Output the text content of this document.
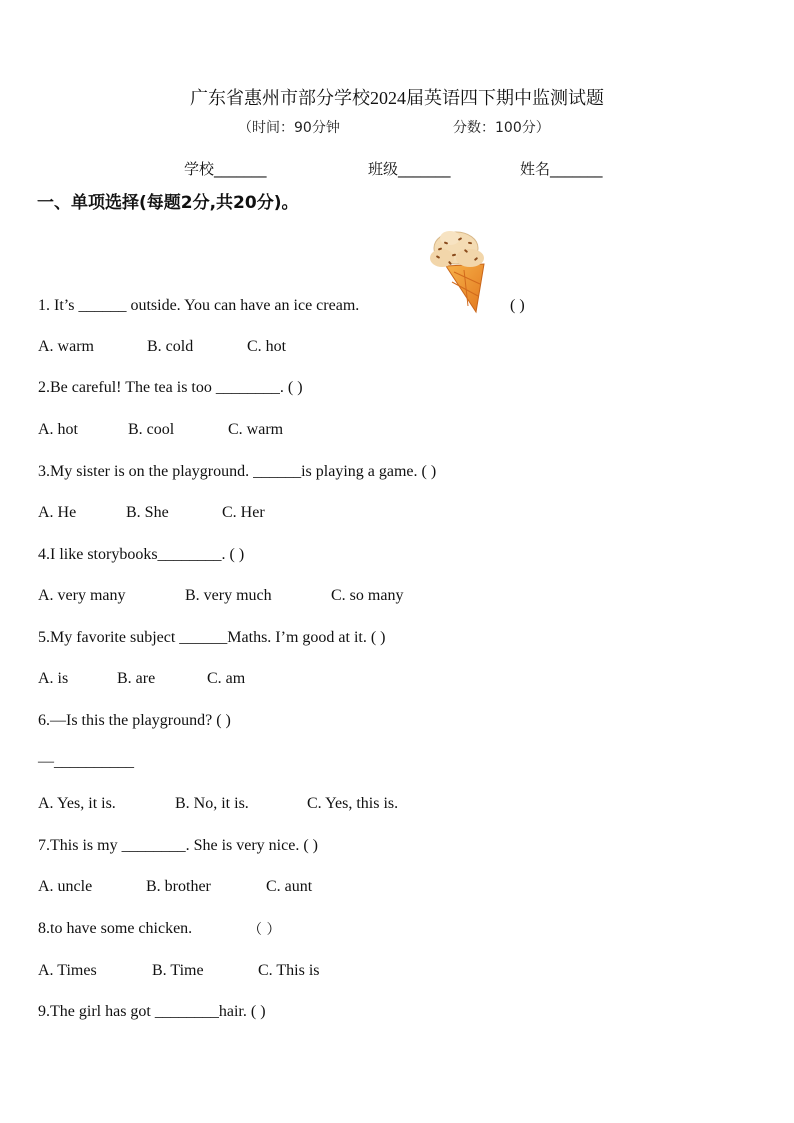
广东省惠州市部分学校2024届英语四下期中监测试题
（时间：90分钟	分数：100分）
学校_______	班级_______	姓名_______
一、单项选择(每题2分,共20分)。
1. It’s ______ outside. You can have an ice cream.	( )
A. warm	B. cold	C. hot
2.Be careful! The tea is too ________. ( )
A. hot	B. cool	C. warm
3.My sister is on the playground. ______is playing a game. ( )
A. He	B. She	C. Her
4.I like storybooks________. ( )
A. very many	B. very much	C. so many
5.My favorite subject ______Maths. I’m good at it. ( )
A. is	B. are	C. am
6.—Is this the playground? ( )
—__________
A. Yes, it is.	B. No, it is.	C. Yes, this is.
7.This is my ________. She is very nice. ( )
A. uncle	B. brother	C. aunt
8.to have some chicken.	（ ）
A. Times	B. Time	C. This is
9.The girl has got ________hair. ( )
